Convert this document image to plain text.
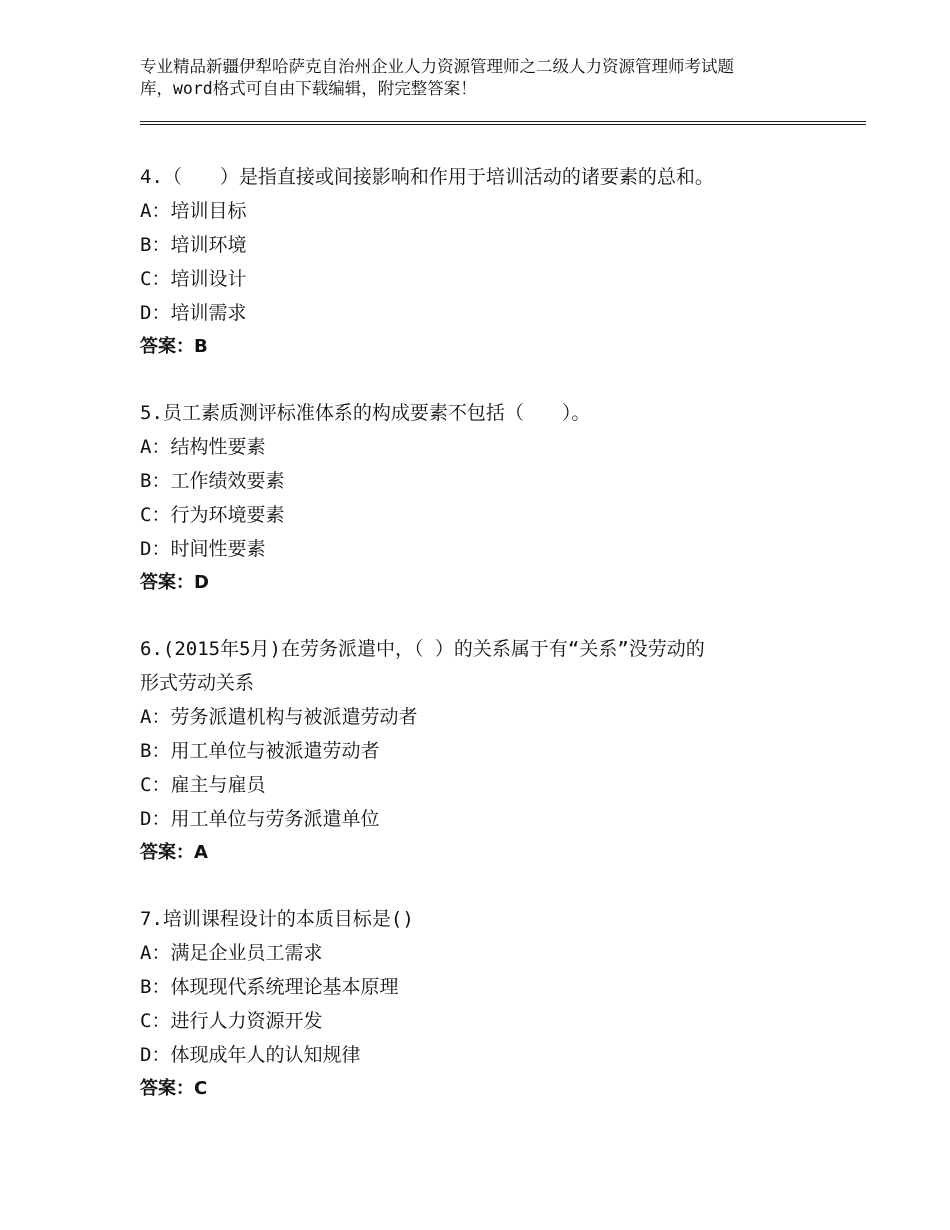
专业精品新疆伊犁哈萨克自治州企业人力资源管理师之二级人力资源管理师考试题
库，word格式可自由下载编辑，附完整答案！
4.（　　）是指直接或间接影响和作用于培训活动的诸要素的总和。
A：培训目标
B：培训环境
C：培训设计
D：培训需求
答案：B
5.员工素质测评标准体系的构成要素不包括（　　）。
A：结构性要素
B：工作绩效要素
C：行为环境要素
D：时间性要素
答案：D
6.(2015年5月)在劳务派遣中，（ ）的关系属于有“关系”没劳动的
形式劳动关系
A：劳务派遣机构与被派遣劳动者
B：用工单位与被派遣劳动者
C：雇主与雇员
D：用工单位与劳务派遣单位
答案：A
7.培训课程设计的本质目标是()
A：满足企业员工需求
B：体现现代系统理论基本原理
C：进行人力资源开发
D：体现成年人的认知规律
答案：C
